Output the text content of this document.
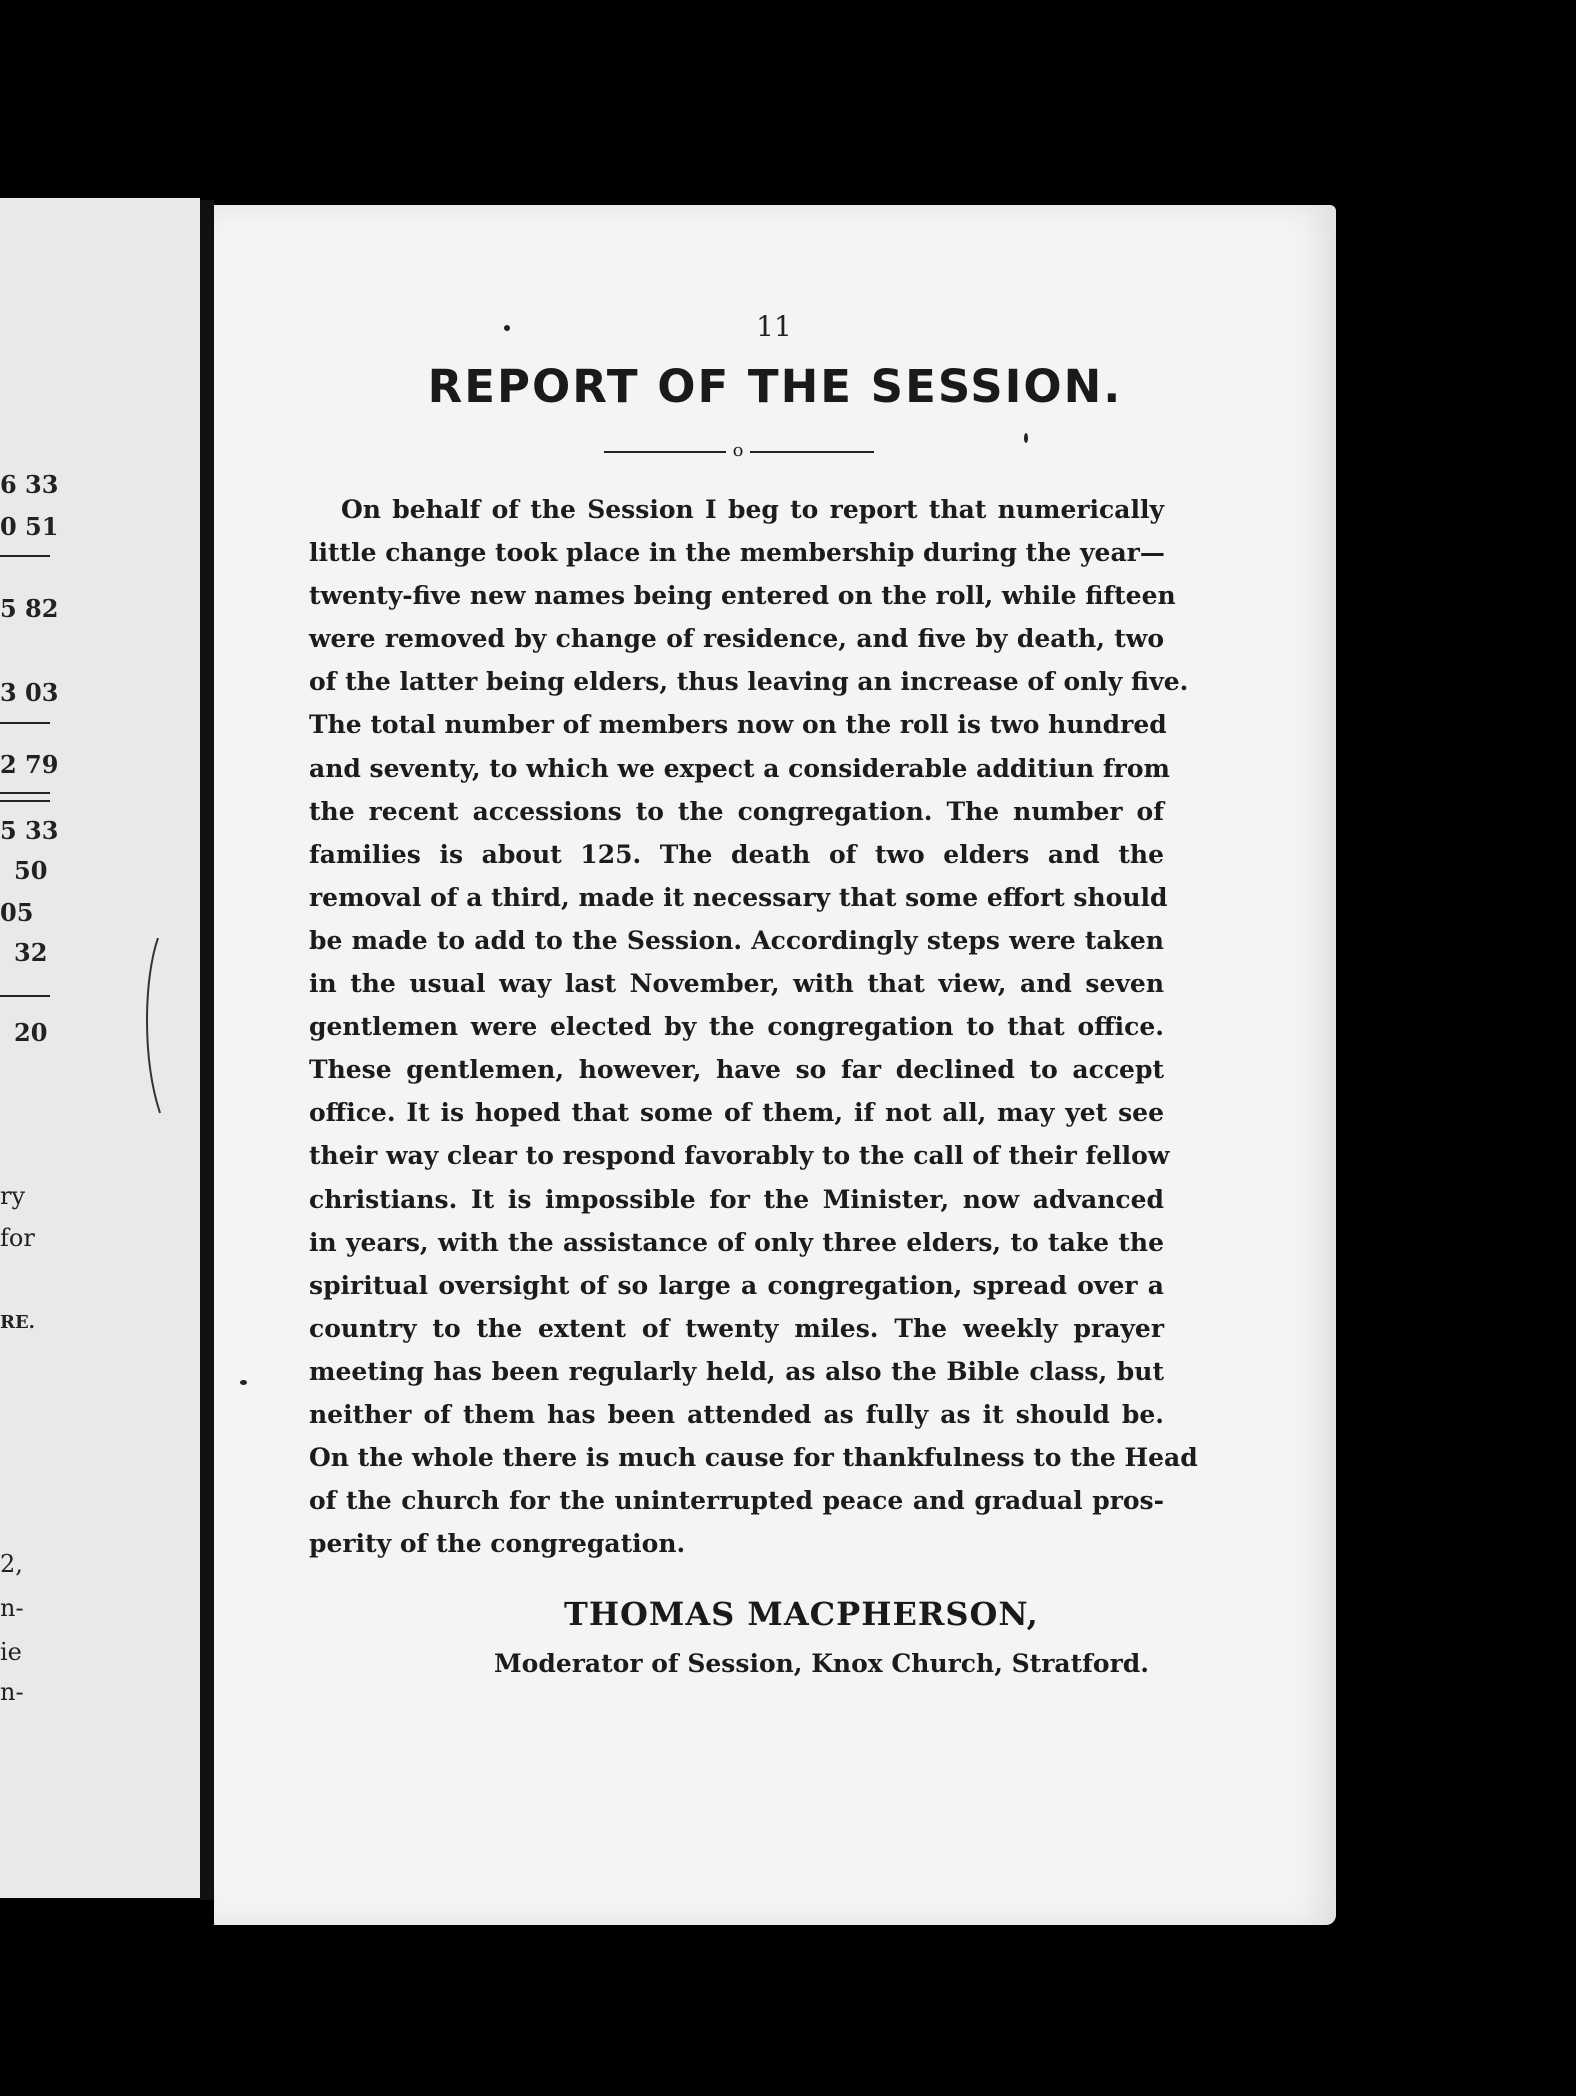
6 33
0 51
5 82
3 03
2 79
5 33
50
05
32
20
ry
for
RE.
2,
n-
ie
n-
11
REPORT OF THE SESSION.
o
On behalf of the Session I beg to report that numerically
little change took place in the membership during the year—
twenty-five new names being entered on the roll, while fifteen
were removed by change of residence, and five by death, two
of the latter being elders, thus leaving an increase of only five.
The total number of members now on the roll is two hundred
and seventy, to which we expect a considerable additiun from
the recent accessions to the congregation. The number of
families is about 125. The death of two elders and the
removal of a third, made it necessary that some effort should
be made to add to the Session. Accordingly steps were taken
in the usual way last November, with that view, and seven
gentlemen were elected by the congregation to that office.
These gentlemen, however, have so far declined to accept
office. It is hoped that some of them, if not all, may yet see
their way clear to respond favorably to the call of their fellow
christians. It is impossible for the Minister, now advanced
in years, with the assistance of only three elders, to take the
spiritual oversight of so large a congregation, spread over a
country to the extent of twenty miles. The weekly prayer
meeting has been regularly held, as also the Bible class, but
neither of them has been attended as fully as it should be.
On the whole there is much cause for thankfulness to the Head
of the church for the uninterrupted peace and gradual pros-
perity of the congregation.
THOMAS MACPHERSON,
Moderator of Session, Knox Church, Stratford.
